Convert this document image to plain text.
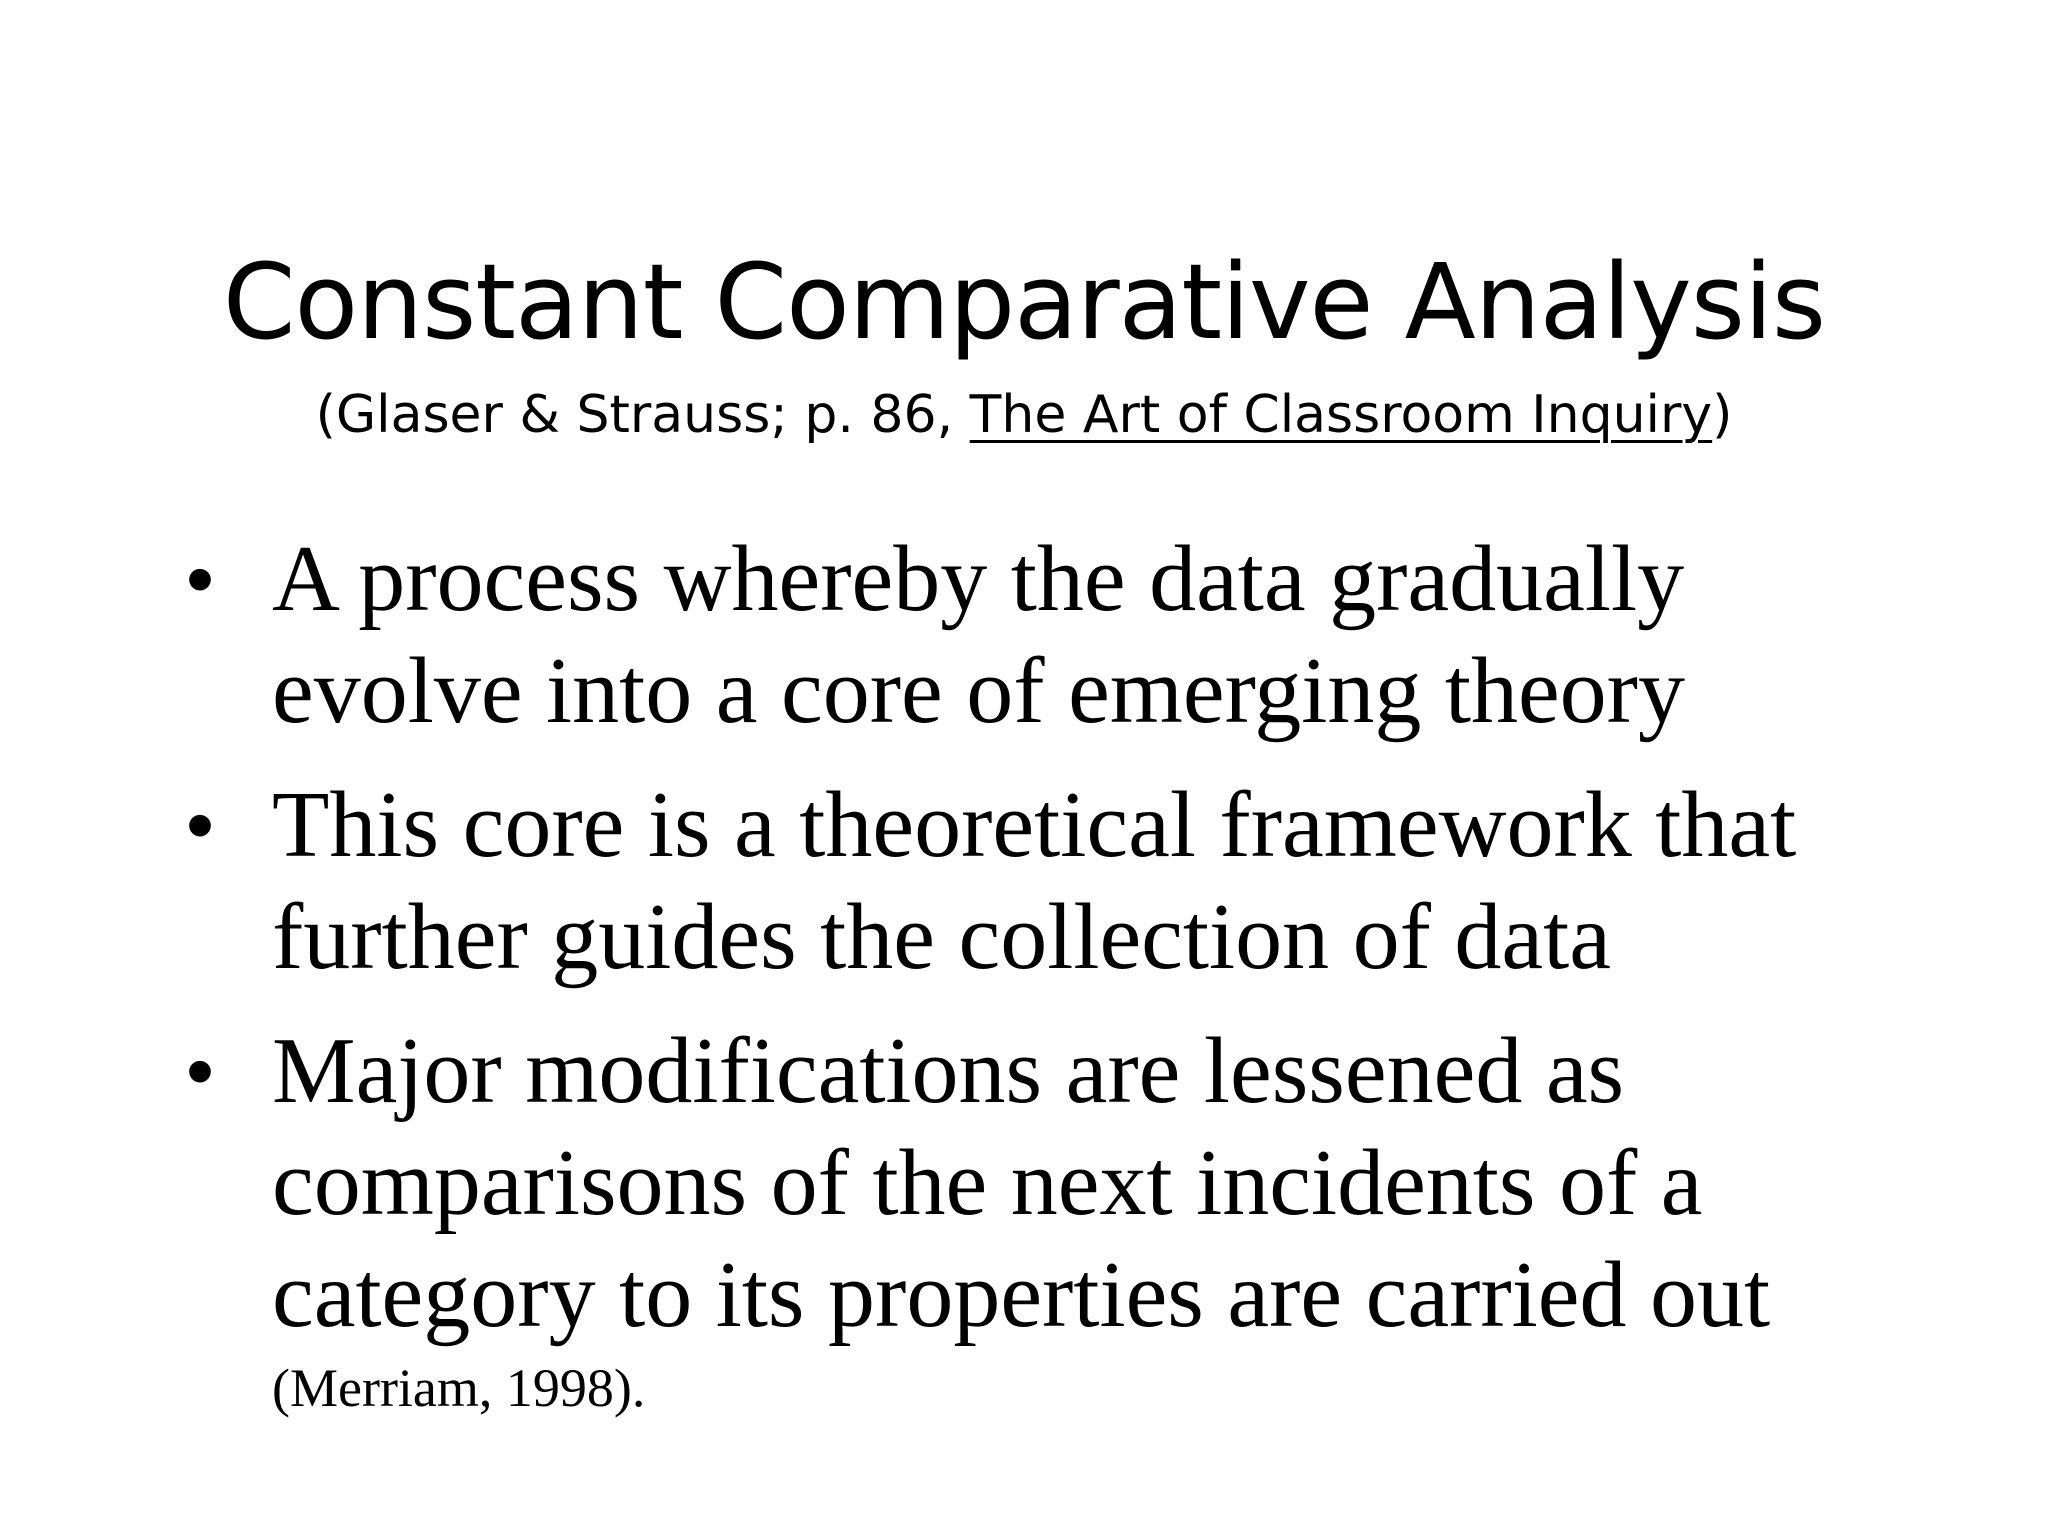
Constant Comparative Analysis
(Glaser & Strauss; p. 86, The Art of Classroom Inquiry)
• A process whereby the data gradually
evolve into a core of emerging theory
• This core is a theoretical framework that
further guides the collection of data
• Major modifications are lessened as
comparisons of the next incidents of a
category to its properties are carried out
(Merriam, 1998).
